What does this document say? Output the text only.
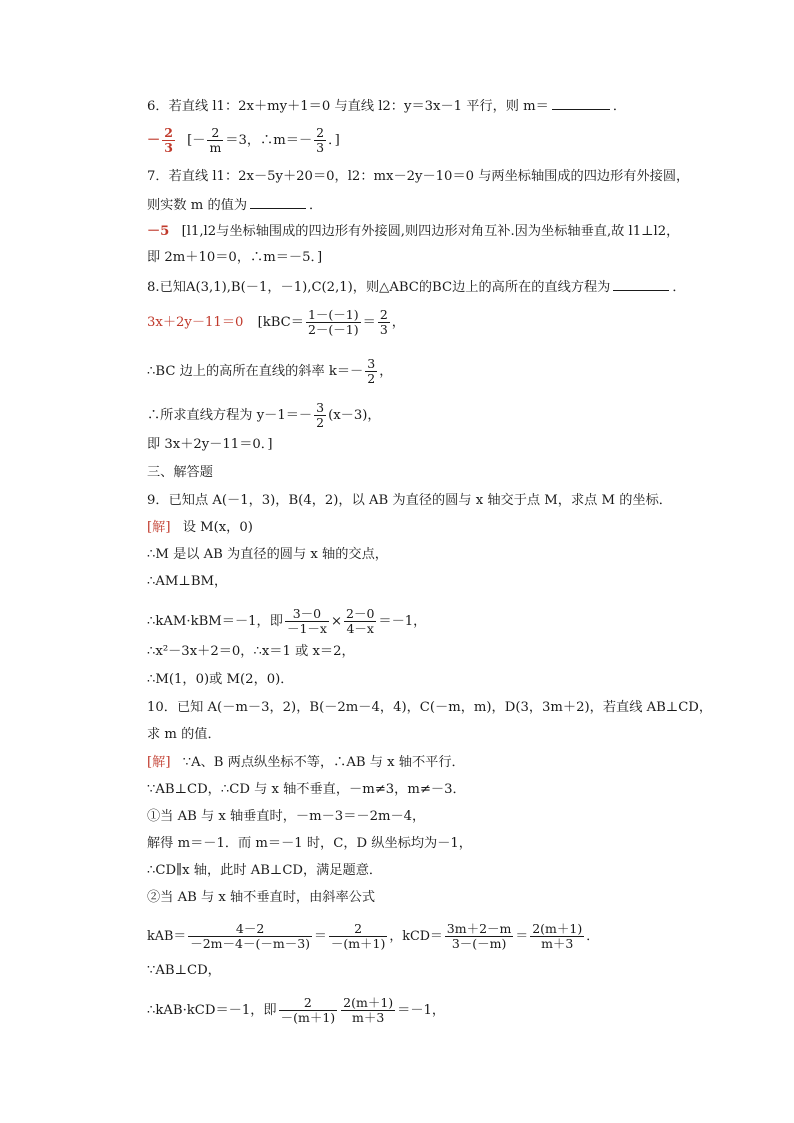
6．若直线 l1：2x＋my＋1＝0 与直线 l2：y＝3x－1 平行，则 m＝	．
－ $\frac{2}{3}$ [－ $\frac{2}{m} =3$，∴m＝－ $\frac{2}{3}$ ．]
7．若直线 l1：2x－5y＋20＝0，l2：mx－2y－10＝0 与两坐标轴围成的四边形有外接圆，
则实数 m 的值为	．
－5 [l1,l2与坐标轴围成的四边形有外接圆,则四边形对角互补.因为坐标轴垂直,故 l1⊥l2，
即 2m＋10＝0，∴m＝－5．]
8.已知A(3,1),B(－1，－1),C(2,1)，则△ABC的BC边上的高所在的直线方程为	．
3x＋2y－11＝0 [$kBC= \frac{1-(-1)}{2-(-1)} = \frac{2}{3}$ ，
∴BC 边上的高所在直线的斜率 $k=- \frac{3}{2}$ ，
∴所求直线方程为 $y-1=- \frac{3}{2} (x-3)$，
即 3x＋2y－11＝0．]
三、解答题
9．已知点 A(－1，3)，B(4，2)，以 AB 为直径的圆与 x 轴交于点 M，求点 M 的坐标．
[解] 设 M(x，0)
∴M 是以 AB 为直径的圆与 x 轴的交点，
∴AM⊥BM，
∴kAM·kBM＝－1，即 $\frac{3-0}{-1-x} \times \frac{2-0}{4-x} =-1$，
∴x²－3x＋2＝0，∴x＝1 或 x＝2，
∴M(1，0)或 M(2，0)．
10．已知 A(－m－3，2)，B(－2m－4，4)，C(－m，m)，D(3，3m＋2)，若直线 AB⊥CD，
求 m 的值．
[解] ∵A、B 两点纵坐标不等，∴AB 与 x 轴不平行．
∵AB⊥CD，∴CD 与 x 轴不垂直，－m≠3，m≠－3．
①当 AB 与 x 轴垂直时，－m－3＝－2m－4，
解得 m＝－1．而 m＝－1 时，C，D 纵坐标均为－1，
∴CD∥x 轴，此时 AB⊥CD，满足题意．
②当 AB 与 x 轴不垂直时，由斜率公式
$kAB= \frac{4-2}{-2m-4-(-m-3)} = \frac{2}{-(m+1)}$ ，$kCD= \frac{3m+2-m}{3-(-m)} = \frac{2(m+1)}{m+3}$ ．
∵AB⊥CD，
∴kAB·kCD＝－1，即 $\frac{2}{-(m+1)} \frac{2(m+1)}{m+3} =-1$，
